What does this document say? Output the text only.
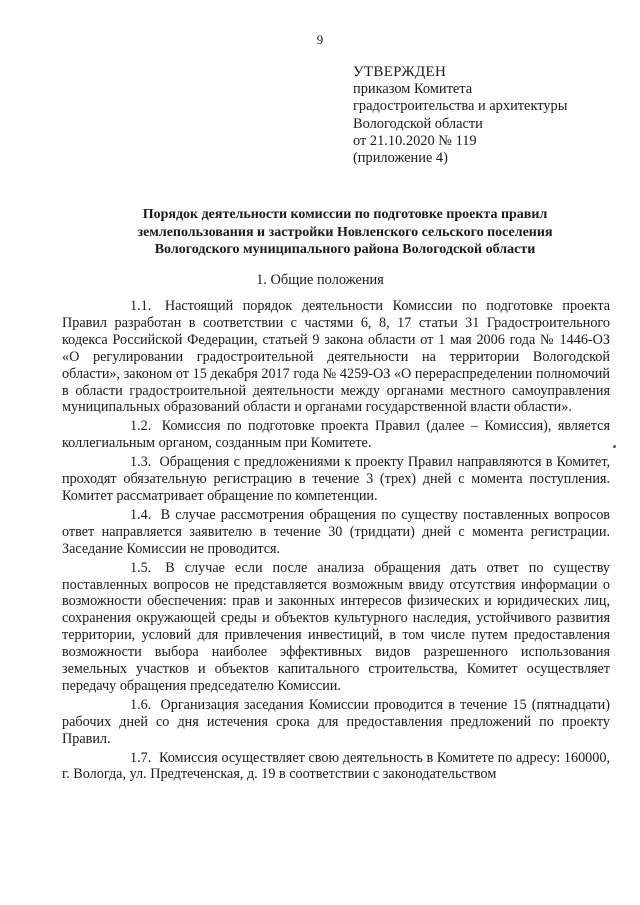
9
УТВЕРЖДЕН
приказом Комитета
градостроительства и архитектуры
Вологодской области
от 21.10.2020 № 119
(приложение 4)
Порядок деятельности комиссии по подготовке проекта правил
землепользования и застройки Новленского сельского поселения
Вологодского муниципального района Вологодской области
1. Общие положения

1.1. Настоящий порядок деятельности Комиссии по подготовке проекта Правил разработан в соответствии с частями 6, 8, 17 статьи 31 Градостроительного кодекса Российской Федерации, статьей 9 закона области от 1 мая 2006 года № 1446-ОЗ «О регулировании градостроительной деятельности на территории Вологодской области», законом от 15 декабря 2017 года № 4259-ОЗ «О перераспределении полномочий в области градостроительной деятельности между органами местного самоуправления муниципальных образований области и органами государственной власти области».

1.2. Комиссия по подготовке проекта Правил (далее – Комиссия), является коллегиальным органом, созданным при Комитете.

1.3. Обращения с предложениями к проекту Правил направляются в Комитет, проходят обязательную регистрацию в течение 3 (трех) дней с момента поступления. Комитет рассматривает обращение по компетенции.

1.4. В случае рассмотрения обращения по существу поставленных вопросов ответ направляется заявителю в течение 30 (тридцати) дней с момента регистрации. Заседание Комиссии не проводится.

1.5. В случае если после анализа обращения дать ответ по существу поставленных вопросов не представляется возможным ввиду отсутствия информации о возможности обеспечения: прав и законных интересов физических и юридических лиц, сохранения окружающей среды и объектов культурного наследия, устойчивого развития территории, условий для привлечения инвестиций, в том числе путем предоставления возможности выбора наиболее эффективных видов разрешенного использования земельных участков и объектов капитального строительства, Комитет осуществляет передачу обращения председателю Комиссии.

1.6. Организация заседания Комиссии проводится в течение 15 (пятнадцати) рабочих дней со дня истечения срока для предоставления предложений по проекту Правил.

1.7. Комиссия осуществляет свою деятельность в Комитете по адресу: 160000, г. Вологда, ул. Предтеченская, д. 19 в соответствии с законодательством
